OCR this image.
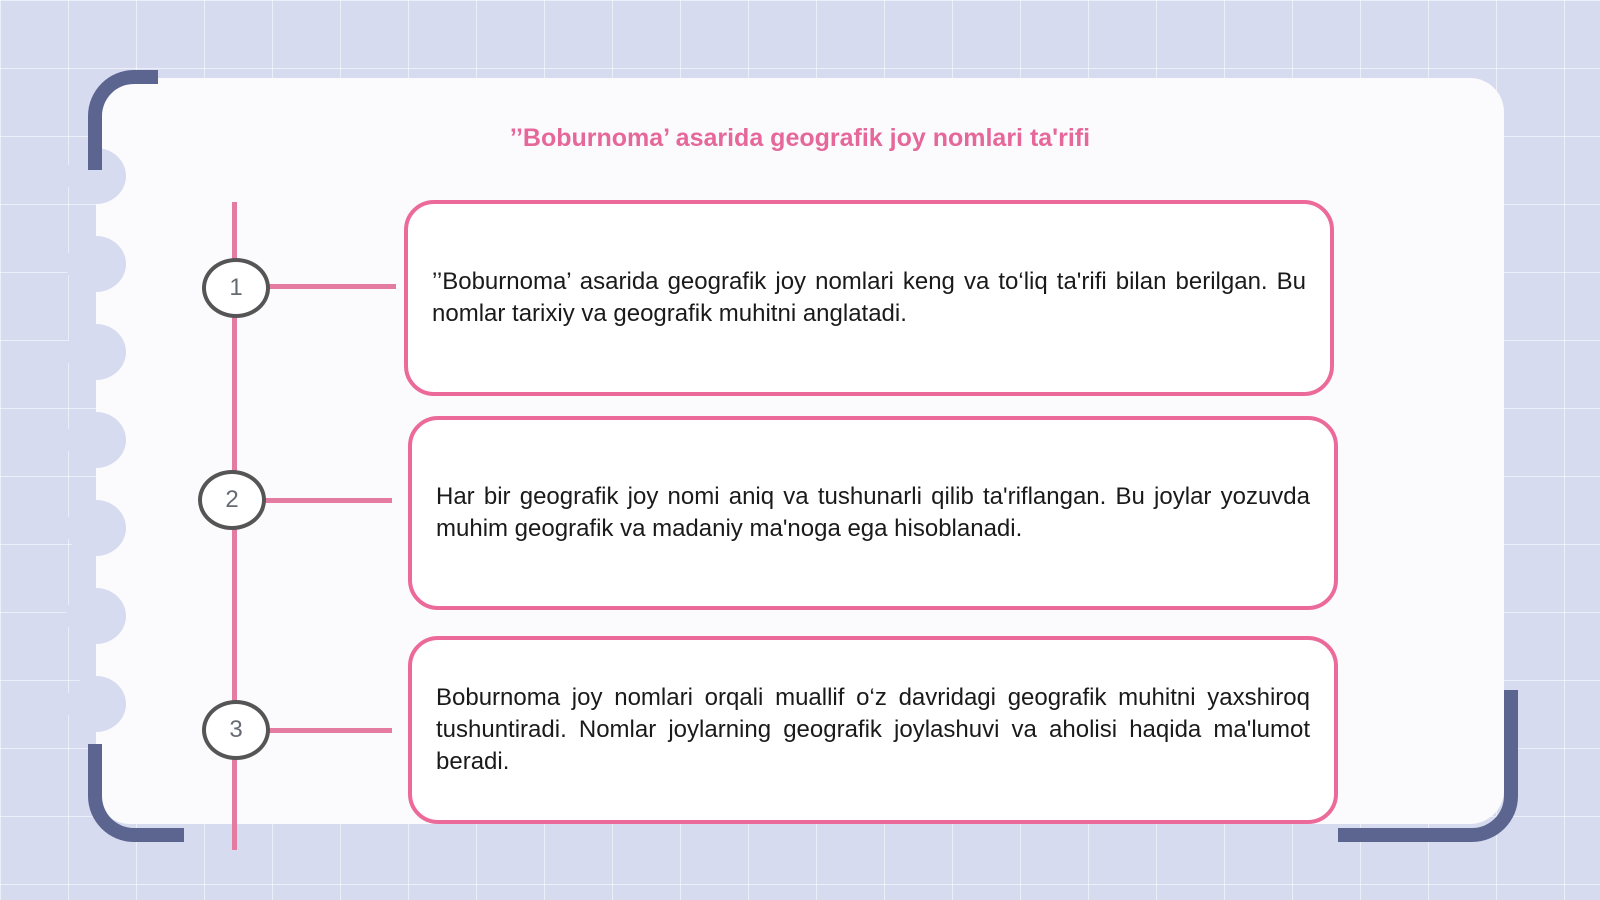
’’Boburnoma’ asarida geografik joy nomlari ta'rifi
1	’’Boburnoma’ asarida geografik joy nomlari keng va to‘liq ta'rifi bilan berilgan. Bu nomlar tarixiy va geografik muhitni anglatadi.

2	Har bir geografik joy nomi aniq va tushunarli qilib ta'riflangan. Bu joylar yozuvda muhim geografik va madaniy ma'noga ega hisoblanadi.

3

Boburnoma joy nomlari orqali muallif o‘z davridagi geografik muhitni yaxshiroq tushuntiradi. Nomlar joylarning geografik joylashuvi va aholisi haqida ma'lumot beradi.
